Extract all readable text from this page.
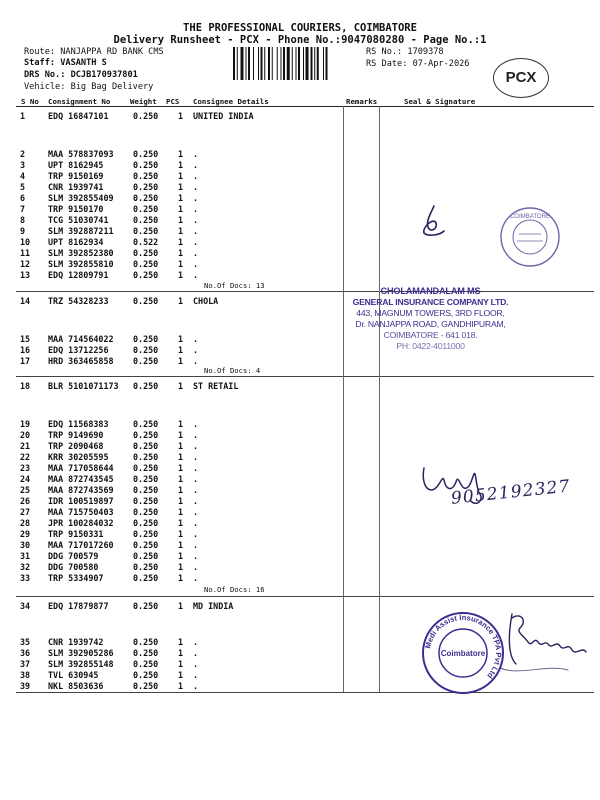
THE PROFESSIONAL COURIERS, COIMBATORE
Delivery Runsheet - PCX - Phone No.:9047080280 - Page No.:1
Route: NANJAPPA RD BANK CMS
Staff: VASANTH S
DRS No.: DCJB170937801
Vehicle: Big Bag Delivery
RS No.: 1709378
RS Date: 07-Apr-2026
PCX
S No Consignment No	Weight PCS Consignee Details	Remarks	Seal & Signature
1	EDQ 16847101	0.250 1 UNITED INDIA
2	MAA 578837093 0.250 1 .
3	UPT 8162945	0.250 1 .
4	TRP 9150169	0.250 1 .
5	CNR 1939741	0.250 1 .
6	SLM 392855409 0.250 1 .
7	TRP 9150170	0.250 1 .
8	TCG 51030741	0.250 1 .
9	SLM 392887211 0.250 1 .
10 UPT 8162934	0.522 1 .
11 SLM 392852380 0.250 1 .
12 SLM 392855810 0.250 1 .
13 EDQ 12809791	0.250 1 .
14 TRZ 54328233	0.250 1 CHOLA
15 MAA 714564022 0.250 1 .
16 EDQ 13712256	0.250 1 .
17 HRD 363465858 0.250 1 .
18 BLR 5101071173 0.250 1 ST RETAIL
19 EDQ 11568383	0.250 1 .
20 TRP 9149690	0.250 1 .
21 TRP 2090468	0.250 1 .
22 KRR 30205595	0.250 1 .
23 MAA 717058644 0.250 1 .
24 MAA 872743545 0.250 1 .
25 MAA 872743569 0.250 1 .
26 IDR 100519897 0.250 1 .
27 MAA 715750403 0.250 1 .
28 JPR 100284032 0.250 1 .
29 TRP 9150331	0.250 1 .
30 MAA 717017260 0.250 1 .
31 DDG 700579	0.250 1 .
32 DDG 700580	0.250 1 .
33 TRP 5334907	0.250 1 .
34 EDQ 17879877	0.250 1 MD INDIA
35 CNR 1939742	0.250 1 .
36 SLM 392905286 0.250 1 .
37 SLM 392855148 0.250 1 .
38 TVL 630945	0.250 1 .
39 NKL 8503636	0.250 1 .
No.Of Docs: 13
No.Of Docs: 4
No.Of Docs: 16
CHOLAMANDALAM MS
GENERAL INSURANCE COMPANY LTD.
443, MAGNUM TOWERS, 3RD FLOOR,
Dr. NANJAPPA ROAD, GANDHIPURAM,
COIMBATORE - 641 018.
PH: 0422-4011000
COIMBATORE
9052192327
Medi Assist Insurance TPA Pvt Ltd
Coimbatore
